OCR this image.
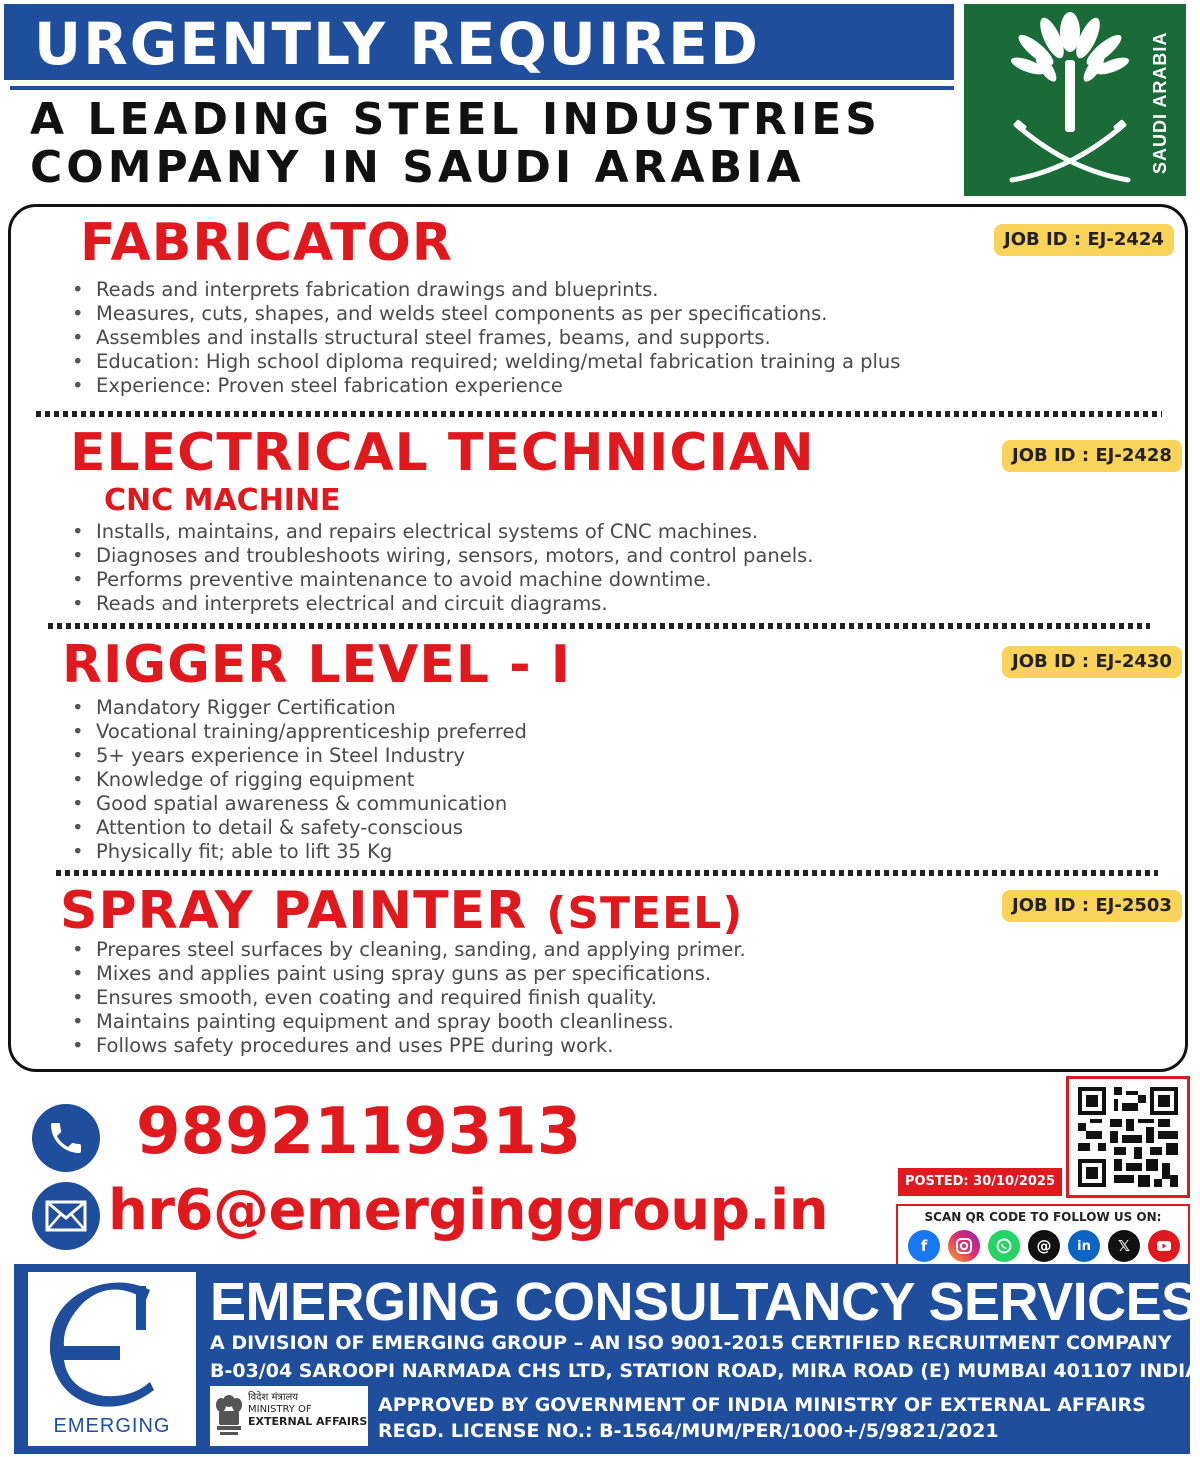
URGENTLY REQUIRED
A LEADING STEEL INDUSTRIES
COMPANY IN SAUDI ARABIA	SAUDI ARABIA
FABRICATOR	JOB ID : EJ-2424
• Reads and interprets fabrication drawings and blueprints.
• Measures, cuts, shapes, and welds steel components as per specifications.
• Assembles and installs structural steel frames, beams, and supports.
• Education: High school diploma required; welding/metal fabrication training a plus
• Experience: Proven steel fabrication experience
ELECTRICAL TECHNICIAN	JOB ID : EJ-2428
CNC MACHINE
• Installs, maintains, and repairs electrical systems of CNC machines.
• Diagnoses and troubleshoots wiring, sensors, motors, and control panels.
• Performs preventive maintenance to avoid machine downtime.
• Reads and interprets electrical and circuit diagrams.
RIGGER LEVEL - I	JOB ID : EJ-2430
• Mandatory Rigger Certification
• Vocational training/apprenticeship preferred
• 5+ years experience in Steel Industry
• Knowledge of rigging equipment
• Good spatial awareness & communication
• Attention to detail & safety-conscious
• Physically fit; able to lift 35 Kg
SPRAY PAINTER (STEEL)	JOB ID : EJ-2503
• Prepares steel surfaces by cleaning, sanding, and applying primer.
• Mixes and applies paint using spray guns as per specifications.
• Ensures smooth, even coating and required finish quality.
• Maintains painting equipment and spray booth cleanliness.
• Follows safety procedures and uses PPE during work.
9892119313
hr6@emerginggroup.in	POSTED: 30/10/2025
SCAN QR CODE TO FOLLOW US ON:
f	@	in	𝕏
EMERGING
EMERGING CONSULTANCY SERVICES
A DIVISION OF EMERGING GROUP – AN ISO 9001-2015 CERTIFIED RECRUITMENT COMPANY
B-03/04 SAROOPI NARMADA CHS LTD, STATION ROAD, MIRA ROAD (E) MUMBAI 401107 INDIA
विदेश मंत्रालय
MINISTRY OF
EXTERNAL AFFAIRS
APPROVED BY GOVERNMENT OF INDIA MINISTRY OF EXTERNAL AFFAIRS
REGD. LICENSE NO.: B-1564/MUM/PER/1000+/5/9821/2021
